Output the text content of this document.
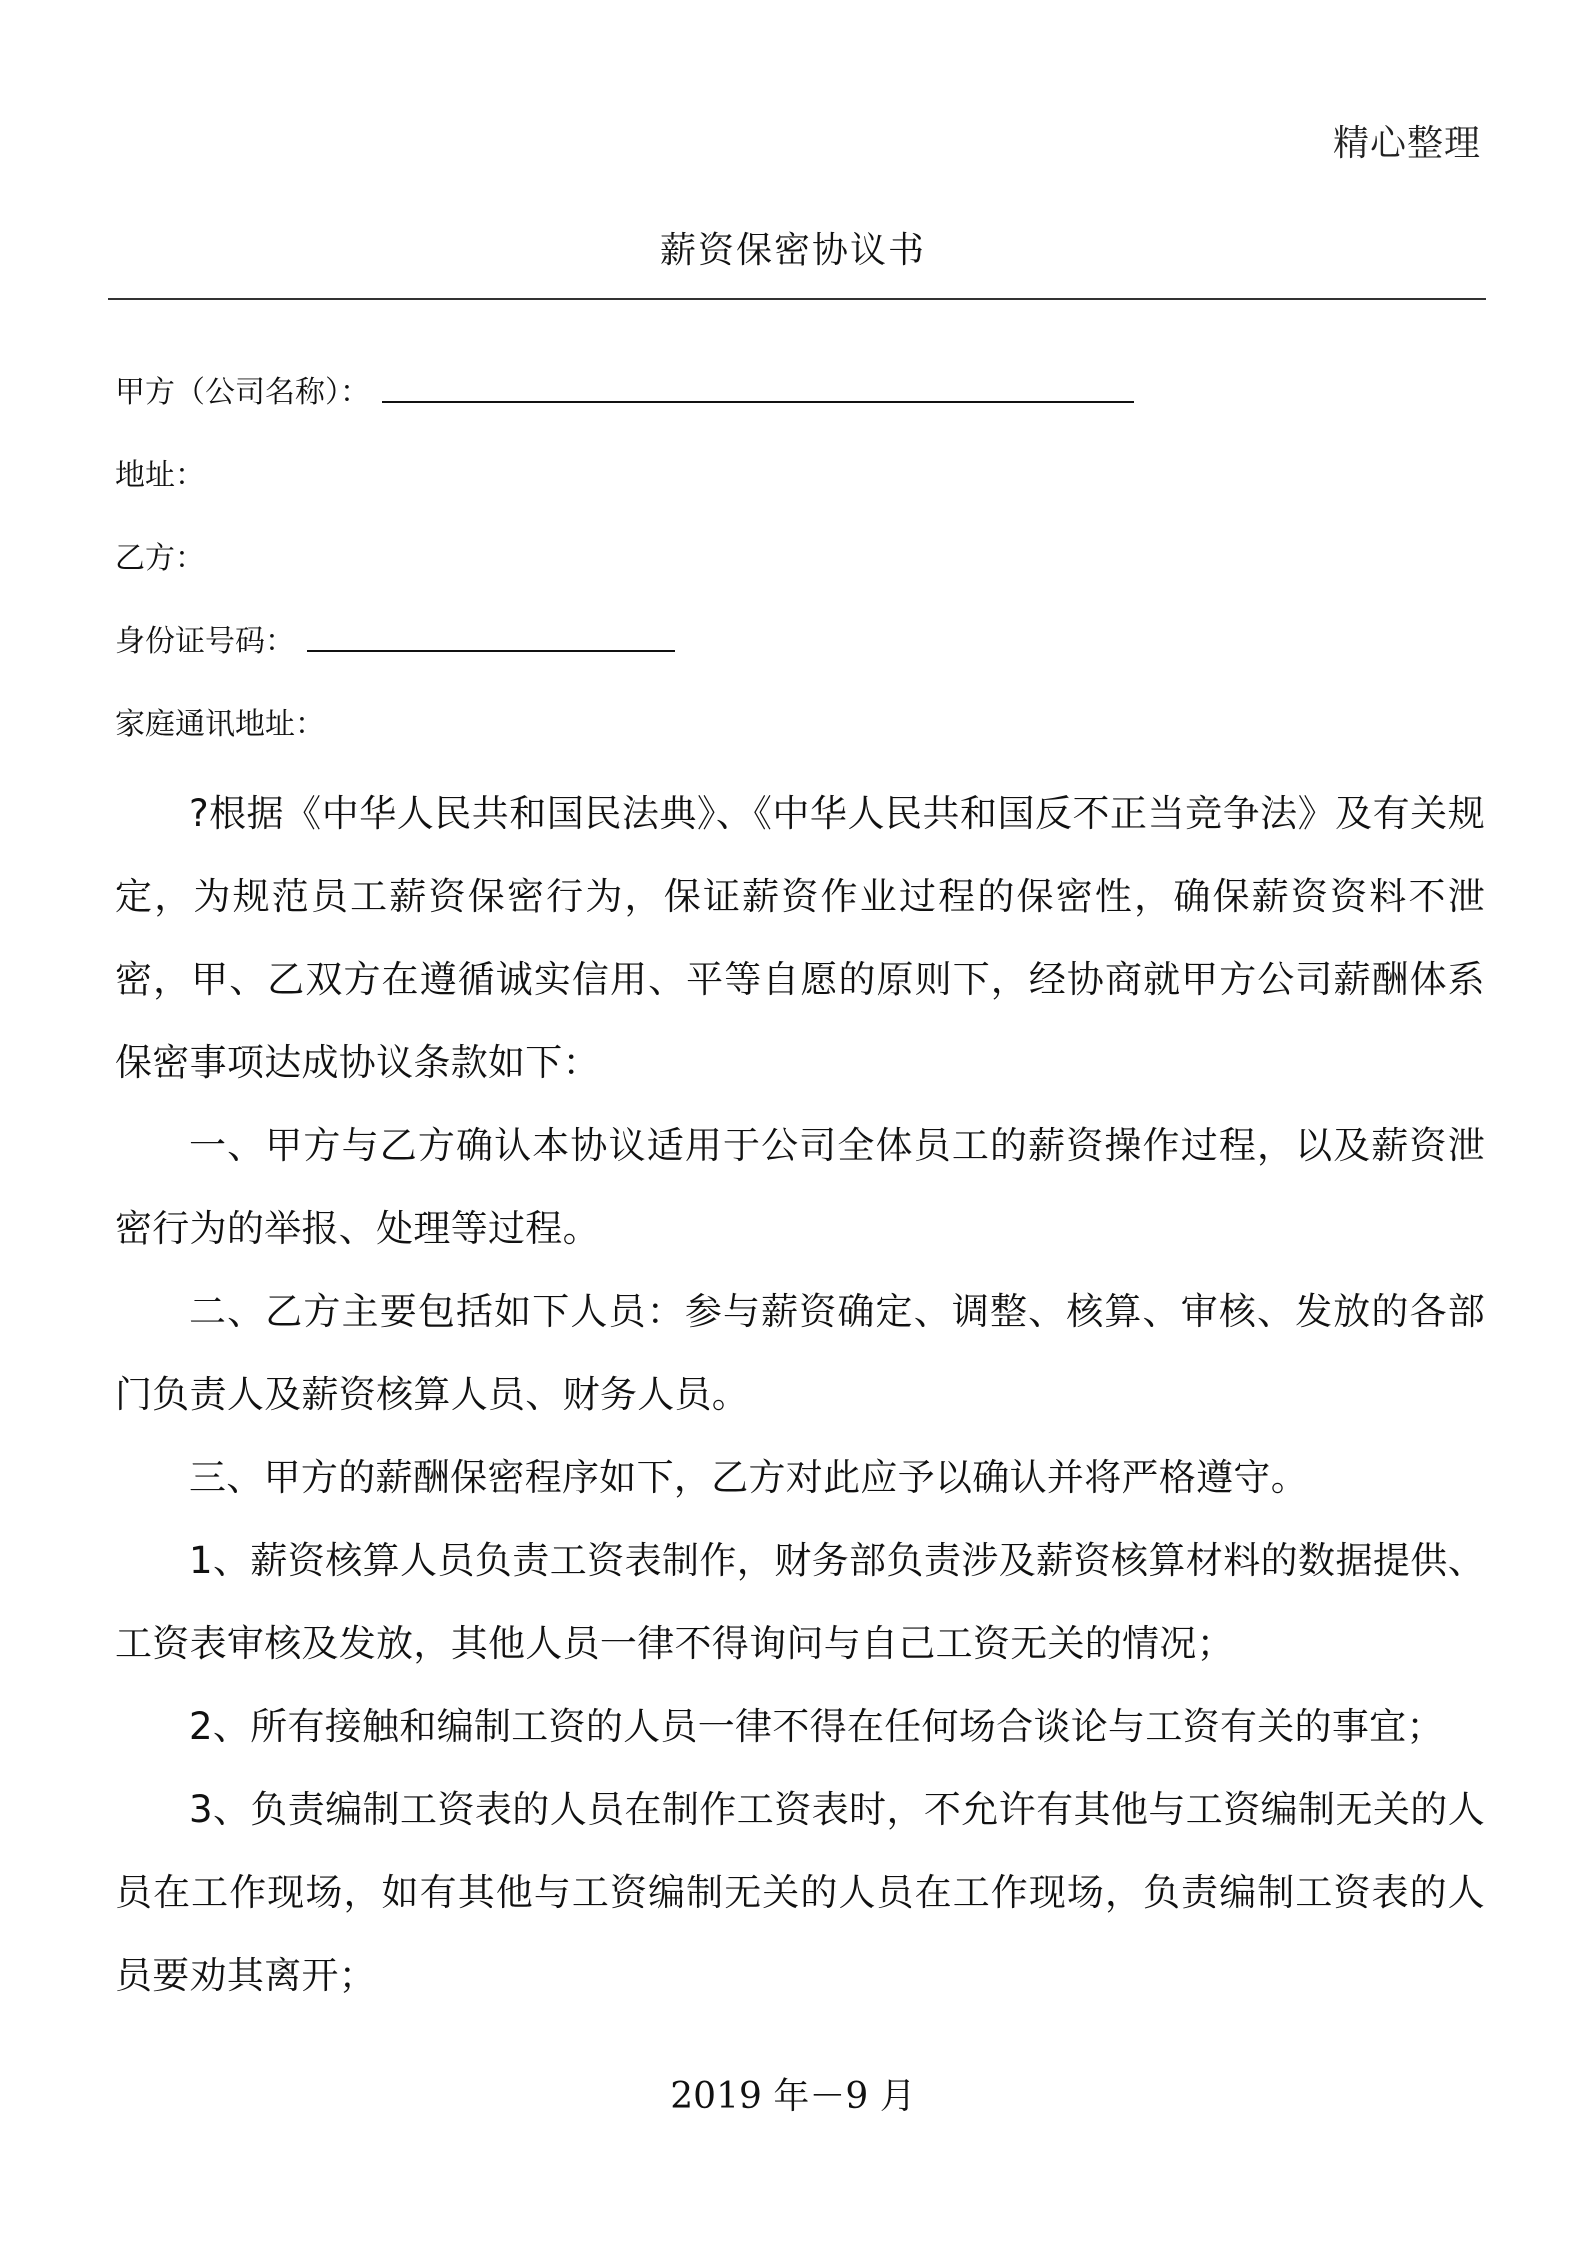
精心整理
薪资保密协议书
甲方（公司名称）：
地址：
乙方：
身份证号码：
家庭通讯地址：

?根据《中华人民共和国民法典》、《中华人民共和国反不正当竞争法》及有关规定，为规范员工薪资保密行为，保证薪资作业过程的保密性，确保薪资资料不泄密，甲、乙双方在遵循诚实信用、平等自愿的原则下，经协商就甲方公司薪酬体系保密事项达成协议条款如下：

一、甲方与乙方确认本协议适用于公司全体员工的薪资操作过程，以及薪资泄密行为的举报、处理等过程。

二、乙方主要包括如下人员：参与薪资确定、调整、核算、审核、发放的各部门负责人及薪资核算人员、财务人员。

三、甲方的薪酬保密程序如下，乙方对此应予以确认并将严格遵守。

1、薪资核算人员负责工资表制作，财务部负责涉及薪资核算材料的数据提供、工资表审核及发放，其他人员一律不得询问与自己工资无关的情况；

2、所有接触和编制工资的人员一律不得在任何场合谈论与工资有关的事宜；

3、负责编制工资表的人员在制作工资表时，不允许有其他与工资编制无关的人员在工作现场，如有其他与工资编制无关的人员在工作现场，负责编制工资表的人员要劝其离开；

2019 年－9 月
